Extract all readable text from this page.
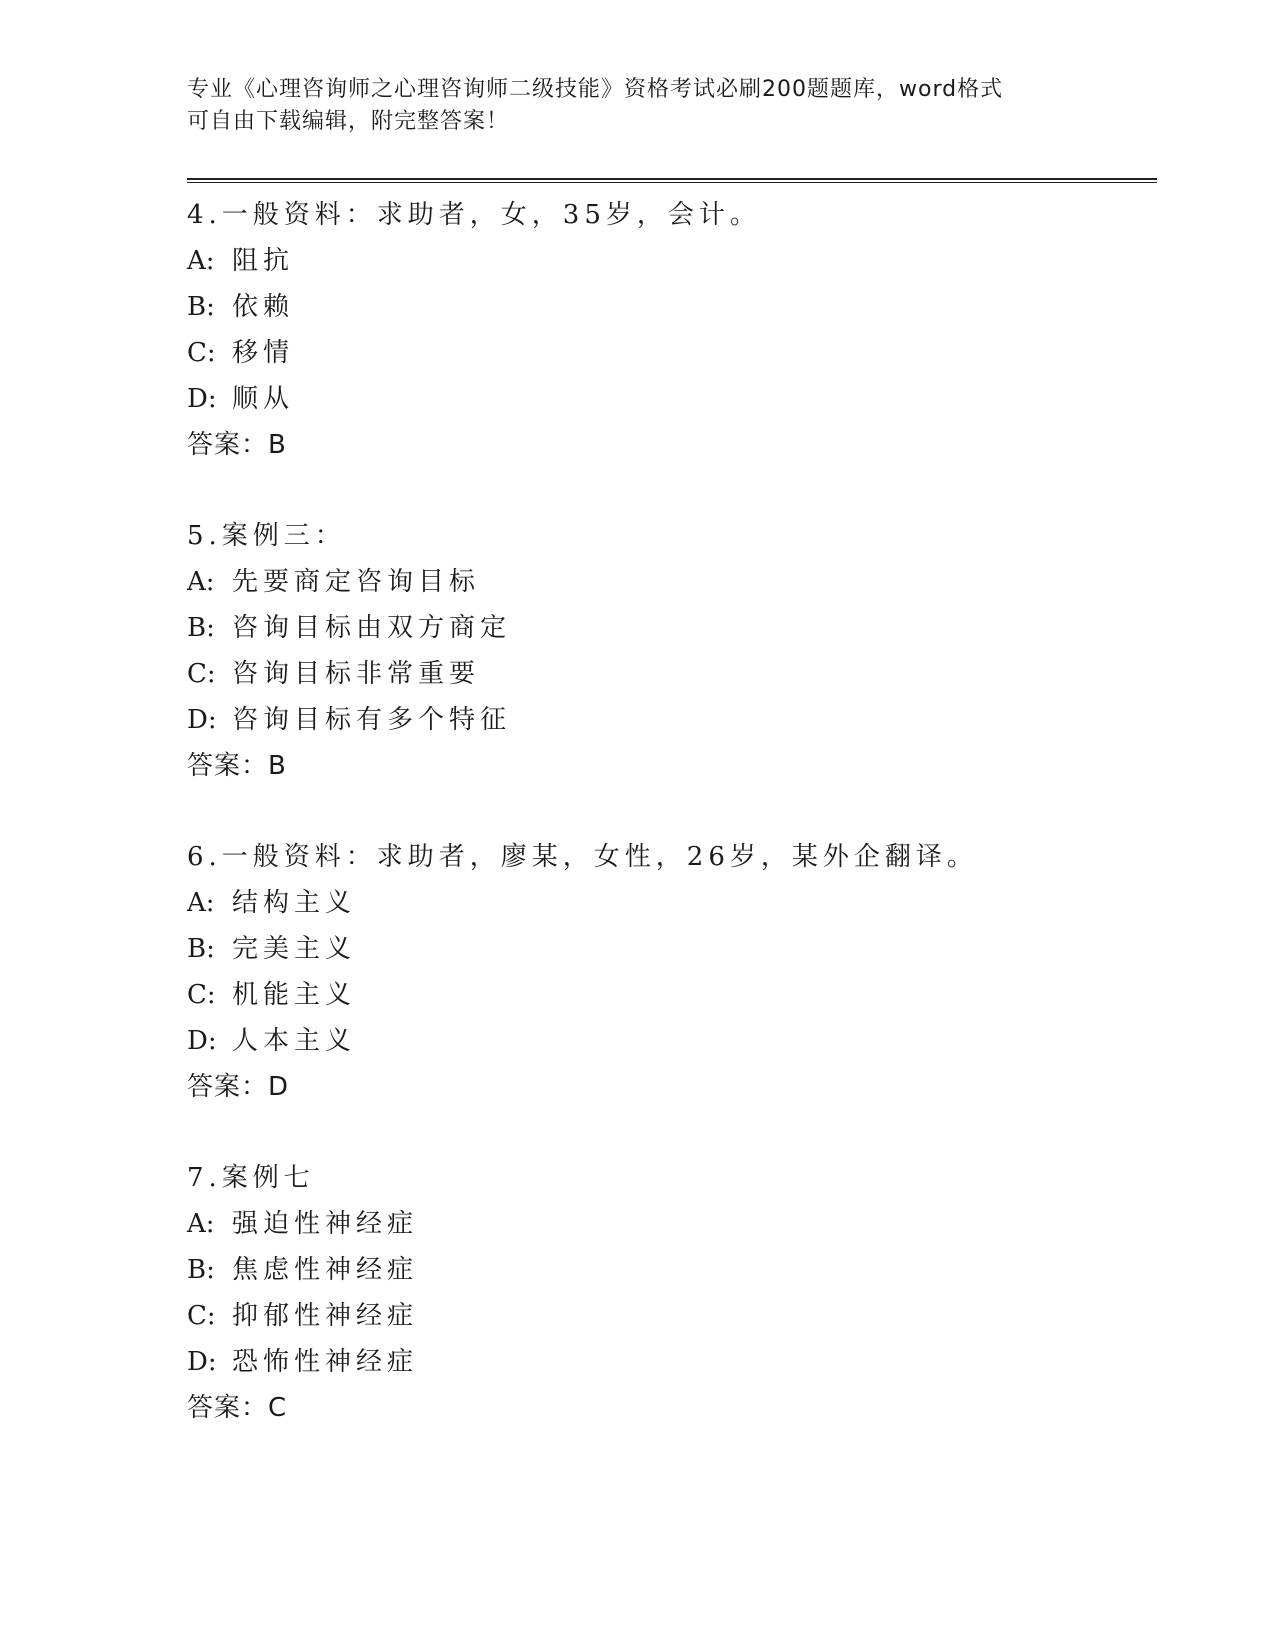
专业《心理咨询师之心理咨询师二级技能》资格考试必刷200题题库，word格式
可自由下载编辑，附完整答案！
4.一般资料：求助者，女，35岁，会计。
A: 阻抗
B: 依赖
C: 移情
D: 顺从
答案：B
5.案例三：
A: 先要商定咨询目标
B: 咨询目标由双方商定
C: 咨询目标非常重要
D: 咨询目标有多个特征
答案：B
6.一般资料：求助者，廖某，女性，26岁，某外企翻译。
A: 结构主义
B: 完美主义
C: 机能主义
D: 人本主义
答案：D
7.案例七
A: 强迫性神经症
B: 焦虑性神经症
C: 抑郁性神经症
D: 恐怖性神经症
答案：C
